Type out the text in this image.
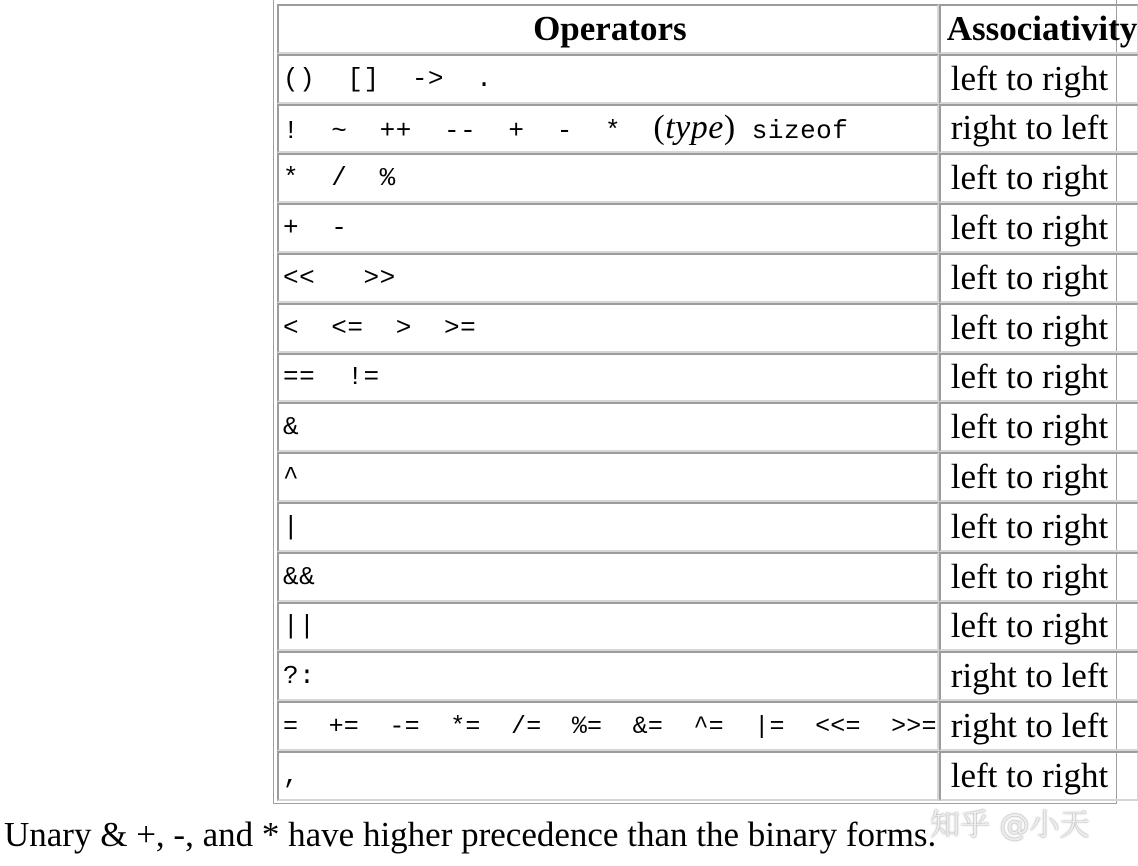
Operators		Associativity
()  []  ->  .		left to right
!  ~  ++  --  +  -  *  (type) sizeof		right to left
*  /  %		left to right
+  -		left to right
<<   >>		left to right
<  <=  >  >=		left to right
==  !=		left to right
&		left to right
^		left to right
|		left to right
&&		left to right
||		left to right
?:		right to left
=  +=  -=  *=  /=  %=  &=  ^=  |=  <<=  >>=		right to left
,		left to right
Unary & +, -, and * have higher precedence than the binary forms.
知乎 @小天
